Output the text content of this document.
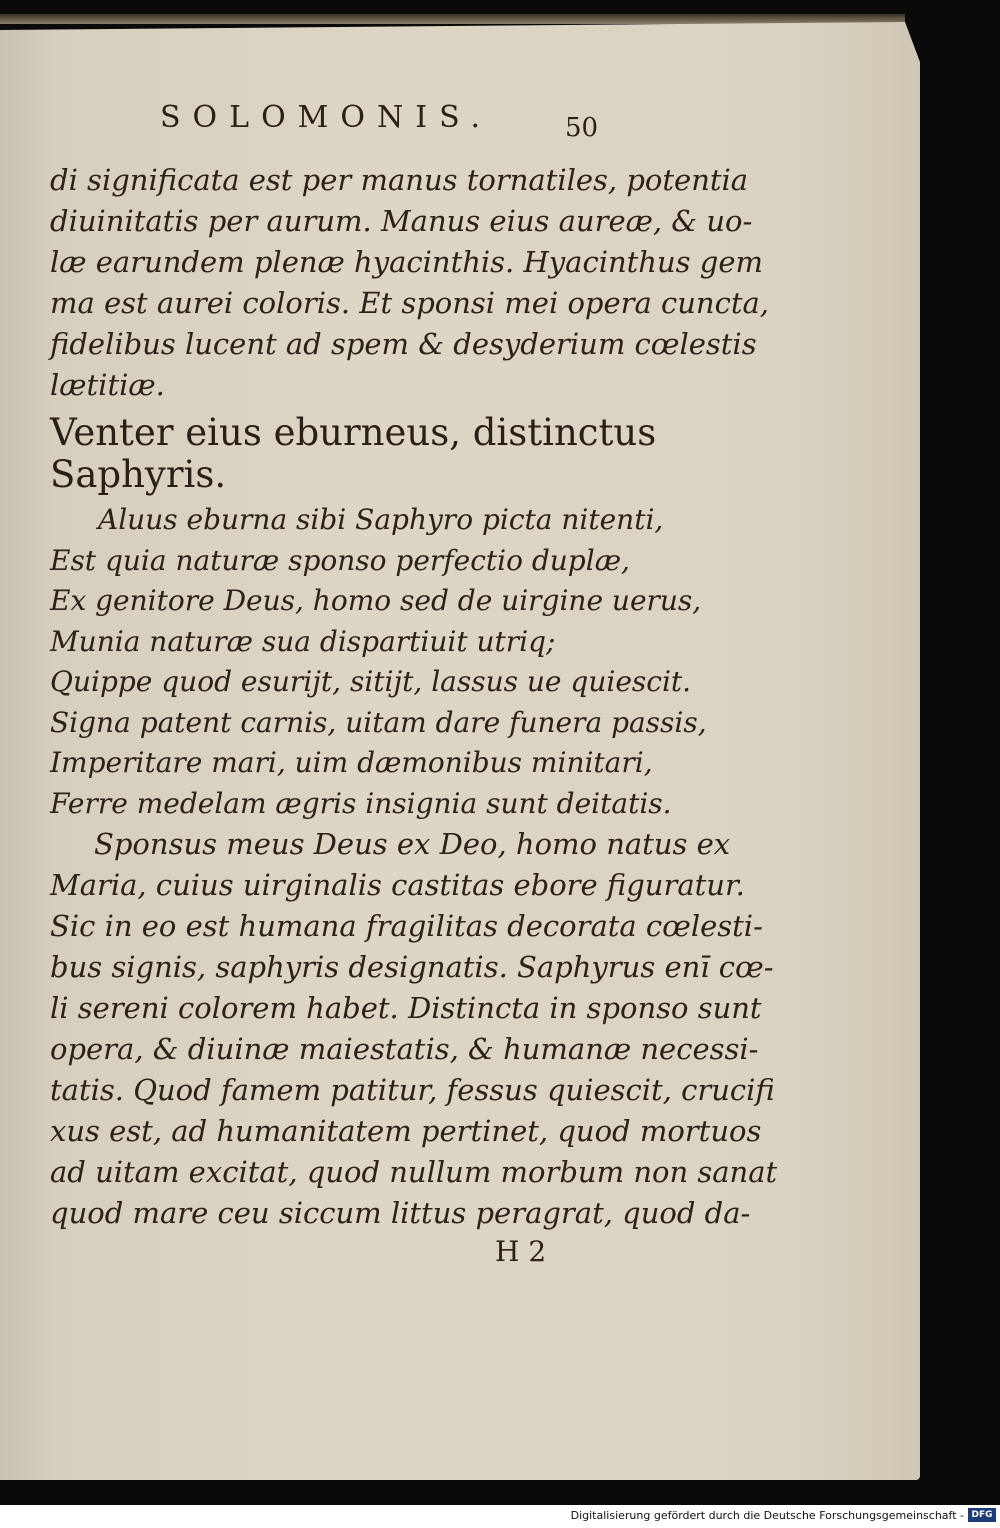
SOLOMONIS.	50
di significata est per manus tornatiles, potentia
diuinitatis per aurum. Manus eius aureæ, & uo-
læ earundem plenæ hyacinthis. Hyacinthus gem
ma est aurei coloris. Et sponsi mei opera cuncta,
fidelibus lucent ad spem & desyderium cœlestis
lætitiæ.
Venter eius eburneus, distinctus
Saphyris.
Aluus eburna sibi Saphyro picta nitenti,
Est quia naturæ sponso perfectio duplæ,
Ex genitore Deus, homo sed de uirgine uerus,
Munia naturæ sua dispartiuit utriq;
Quippe quod esurijt, sitijt, lassus ue quiescit.
Signa patent carnis, uitam dare funera passis,
Imperitare mari, uim dæmonibus minitari,
Ferre medelam ægris insignia sunt deitatis.
Sponsus meus Deus ex Deo, homo natus ex
Maria, cuius uirginalis castitas ebore figuratur.
Sic in eo est humana fragilitas decorata cœlesti-
bus signis, saphyris designatis. Saphyrus enī cœ-
li sereni colorem habet. Distincta in sponso sunt
opera, & diuinæ maiestatis, & humanæ necessi-
tatis. Quod famem patitur, fessus quiescit, crucifi
xus est, ad humanitatem pertinet, quod mortuos
ad uitam excitat, quod nullum morbum non sanat
quod mare ceu siccum littus peragrat, quod da-
H 2
Digitalisierung gefördert durch die Deutsche Forschungsgemeinschaft - DFG
